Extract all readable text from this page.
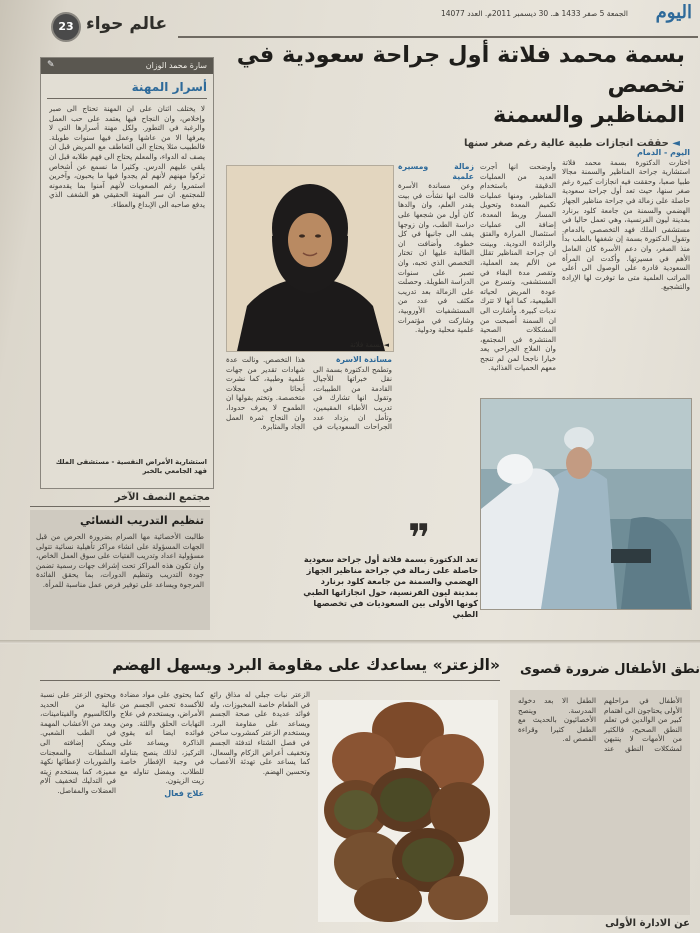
اليوم
الجمعة 5 صفر 1433 هـ. 30 ديسمبر 2011م. العدد 14077
23 عالم حواء
بسمة محمد فلاتة أول جراحة سعودية في تخصص
المناظير والسمنة
◄ حققت انجازات طبية عالية رغم صغر سنها
سارة محمد الوزان
✎
أسرار المهنة
لا يختلف اثنان على ان المهنة تحتاج الى صبر وإخلاص، وان النجاح فيها يعتمد على حب العمل والرغبة في التطور. ولكل مهنة أسرارها التي لا يعرفها الا من عاشها وعمل فيها سنوات طويلة. فالطبيب مثلا يحتاج الى التعاطف مع المريض قبل ان يصف له الدواء، والمعلم يحتاج الى فهم طلابه قبل ان يلقي عليهم الدرس. وكثيرا ما نسمع عن أشخاص تركوا مهنهم لأنهم لم يجدوا فيها ما يحبون، وآخرين استمروا رغم الصعوبات لأنهم آمنوا بما يقدمونه للمجتمع. ان سر المهنة الحقيقي هو الشغف الذي يدفع صاحبه الى الإبداع والعطاء.
استشارية الأمراض النفسية - مستشفى الملك فهد الجامعي بالخبر
◄ بسمة فلاتة
اليوم - الدمام
اختارت الدكتورة بسمة محمد فلاتة استشارية جراحة المناظير والسمنة مجالا طبيا صعبا، وحققت فيه انجازات كبيرة رغم صغر سنها، حيث تعد أول جراحة سعودية حاصلة على زمالة في جراحة مناظير الجهاز الهضمي والسمنة من جامعة كلود برنارد بمدينة ليون الفرنسية، وهي تعمل حاليا في مستشفى الملك فهد التخصصي بالدمام. وتقول الدكتورة بسمة إن شغفها بالطب بدأ منذ الصغر، وان دعم الأسرة كان العامل الأهم في مسيرتها. وأكدت ان المرأة السعودية قادرة على الوصول الى أعلى المراتب العلمية متى ما توفرت لها الإرادة والتشجيع.
وأوضحت انها أجرت العديد من العمليات الدقيقة باستخدام المناظير، ومنها عمليات تكميم المعدة وتحويل المسار وربط المعدة، إضافة الى عمليات استئصال المرارة والفتق والزائدة الدودية. وبينت ان جراحة المناظير تقلل من الألم بعد العملية، وتقصر مدة البقاء في المستشفى، وتسرع من عودة المريض لحياته الطبيعية، كما انها لا تترك ندبات كبيرة. وأشارت الى ان السمنة أصبحت من المشكلات الصحية المنتشرة في المجتمع، وان العلاج الجراحي يعد خيارا ناجحا لمن لم تنجح معهم الحميات الغذائية.
زمالة ومسيرة علمية
وعن مساندة الأسرة قالت انها نشأت في بيت يقدر العلم، وان والدها كان أول من شجعها على دراسة الطب، وان زوجها يقف الى جانبها في كل خطوة. وأضافت ان الطالبة عليها ان تختار التخصص الذي تحبه، وان تصبر على سنوات الدراسة الطويلة. وحصلت على الزمالة بعد تدريب مكثف في عدد من المستشفيات الأوروبية، وشاركت في مؤتمرات علمية محلية ودولية.
مساندة الاسرة
وتطمح الدكتورة بسمة الى نقل خبراتها للأجيال القادمة من الطبيبات، وتقول انها تشارك في تدريب الأطباء المقيمين، وتأمل ان يزداد عدد الجراحات السعوديات في هذا التخصص. ونالت عدة شهادات تقدير من جهات علمية وطبية، كما نشرت أبحاثا في مجلات متخصصة. وتختم بقولها ان الطموح لا يعرف حدودا، وان النجاح ثمرة العمل الجاد والمثابرة.
❞
تعد الدكتورة بسمة فلاتة أول جراحة سعودية حاصلة على زمالة في جراحة مناظير الجهاز الهضمي والسمنة من جامعة كلود برنارد بمدينة ليون الفرنسية، حول انجازاتها الطبي كونها الأولى بين السعوديات في تخصصها الطبي
مجتمع النصف الآخر
تنظيم التدريب النسائي
طالبت الأخصائية مها الصرام بضرورة الحرص من قبل الجهات المسؤولة على انشاء مراكز تأهيلية نسائية تتولى مسؤولية اعداد وتدريب الفتيات على سوق العمل الخاص، وان تكون هذه المراكز تحت إشراف جهات رسمية تضمن جودة التدريب وتنظيم الدورات، بما يحقق الفائدة المرجوة ويساعد على توفير فرص عمل مناسبة للمرأة.
«الزعتر» يساعدك على مقاومة البرد ويسهل الهضم
الزعتر نبات جبلي له مذاق رائع في الطعام خاصة المخبوزات، وله فوائد عديدة على صحة الجسم ويساعد على مقاومة البرد. ويستخدم الزعتر كمشروب ساخن في فصل الشتاء لتدفئة الجسم وتخفيف أعراض الزكام والسعال، كما يساعد على تهدئة الأعصاب وتحسين الهضم.
كما يحتوي على مواد مضادة للأكسدة تحمي الجسم من الأمراض، ويستخدم في علاج التهابات الحلق واللثة. ومن فوائده ايضا انه يقوي الذاكرة ويساعد على التركيز، لذلك ينصح بتناوله في وجبة الإفطار خاصة للطلاب. ويفضل تناوله مع زيت الزيتون.
علاج فعال
ويحتوي الزعتر على نسبة عالية من الحديد والكالسيوم والفيتامينات، ويعد من الأعشاب المهمة في الطب الشعبي. ويمكن إضافته الى السلطات والمعجنات والشوربات لإعطائها نكهة مميزة، كما يستخدم زيته في التدليك لتخفيف آلام العضلات والمفاصل.
نطق الأطفال ضرورة قصوى
الأطفال في مراحلهم الأولى يحتاجون الى اهتمام كبير من الوالدين في تعلم النطق الصحيح، فالكثير من الأمهات لا ينتبهن لمشكلات النطق عند الطفل الا بعد دخوله المدرسة. وينصح الأخصائيون بالحديث مع الطفل كثيرا وقراءة القصص له.
عن الادارة الأولى
